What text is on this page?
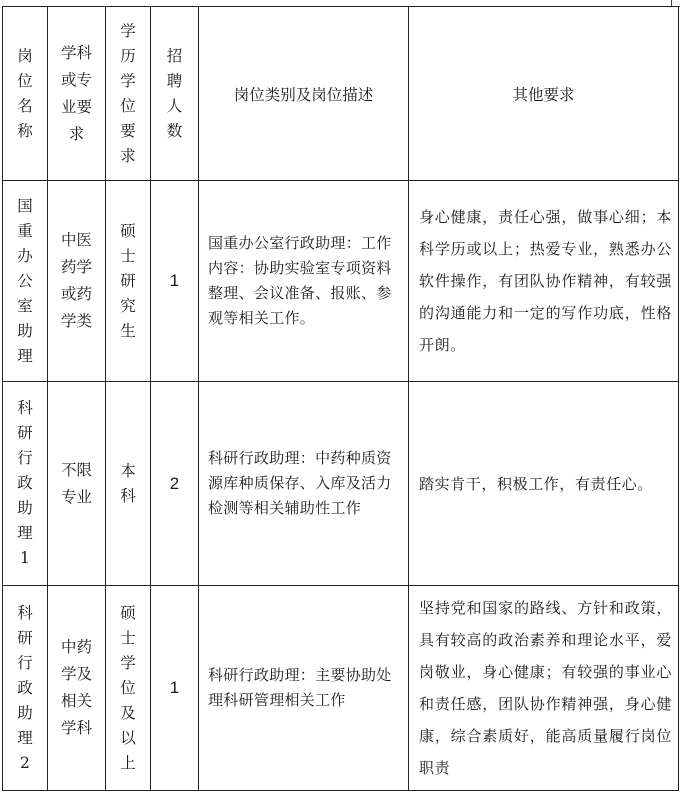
岗位名称	学科或专业要求	学历学位要求	招聘人数	岗位类别及岗位描述	其他要求
国重办公室助理	中医药学或药学类	硕士研究生	1	国重办公室行政助理：工作内容：协助实验室专项资料整理、会议准备、报账、参观等相关工作。	身心健康，责任心强，做事心细；本科学历或以上；热爱专业，熟悉办公软件操作，有团队协作精神，有较强的沟通能力和一定的写作功底，性格开朗。
科研行政助理1	不限专业	本科	2	科研行政助理：中药种质资源库种质保存、入库及活力检测等相关辅助性工作	踏实肯干，积极工作，有责任心。
科研行政助理2	中药学及相关学科	硕士学位及以上	1	科研行政助理：主要协助处理科研管理相关工作	坚持党和国家的路线、方针和政策，具有较高的政治素养和理论水平，爱岗敬业，身心健康；有较强的事业心和责任感，团队协作精神强，身心健康，综合素质好，能高质量履行岗位职责
